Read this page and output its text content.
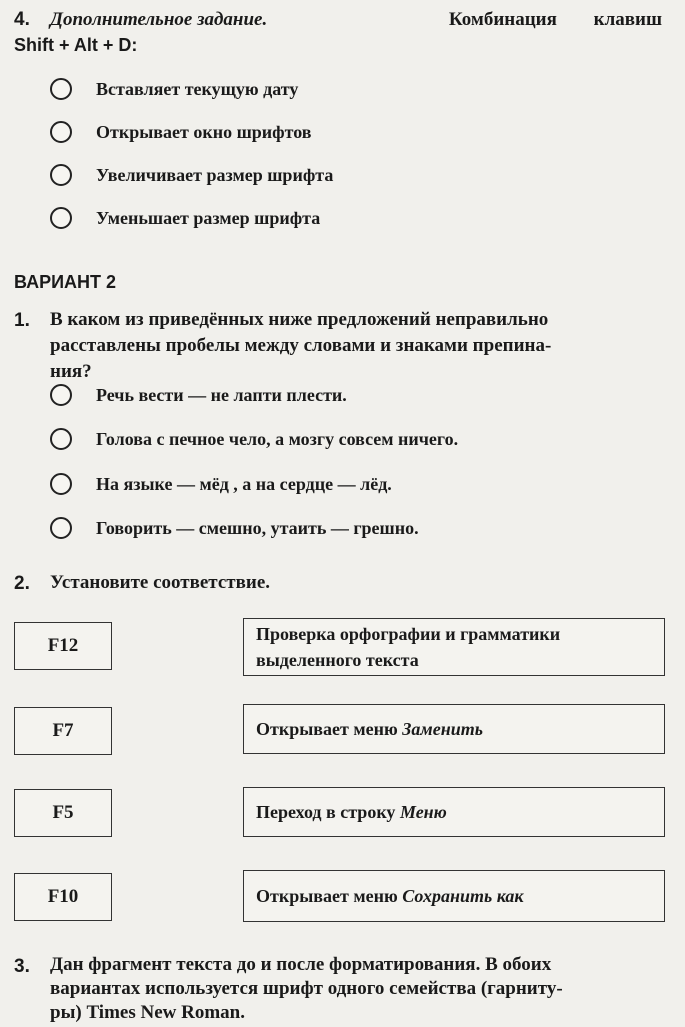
4. Дополнительное задание.	Комбинация клавиш
Shift + Alt + D:
Вставляет текущую дату
Открывает окно шрифтов
Увеличивает размер шрифта
Уменьшает размер шрифта
ВАРИАНТ 2
1. В каком из приведённых ниже предложений неправильно
расставлены пробелы между словами и знаками препина-
ния?
Речь вести — не лапти плести.
Голова с печное чело, а мозгу совсем ничего.
На языке — мёд , а на сердце — лёд.
Говорить — смешно, утаить — грешно.
2. Установите соответствие.
F12
F7
F5
F10
Проверка орфографии и грамматики
выделенного текста
Открывает меню Заменить
Переход в строку Меню
Открывает меню Сохранить как
3. Дан фрагмент текста до и после форматирования. В обоих
вариантах используется шрифт одного семейства (гарниту-
ры) Times New Roman.
